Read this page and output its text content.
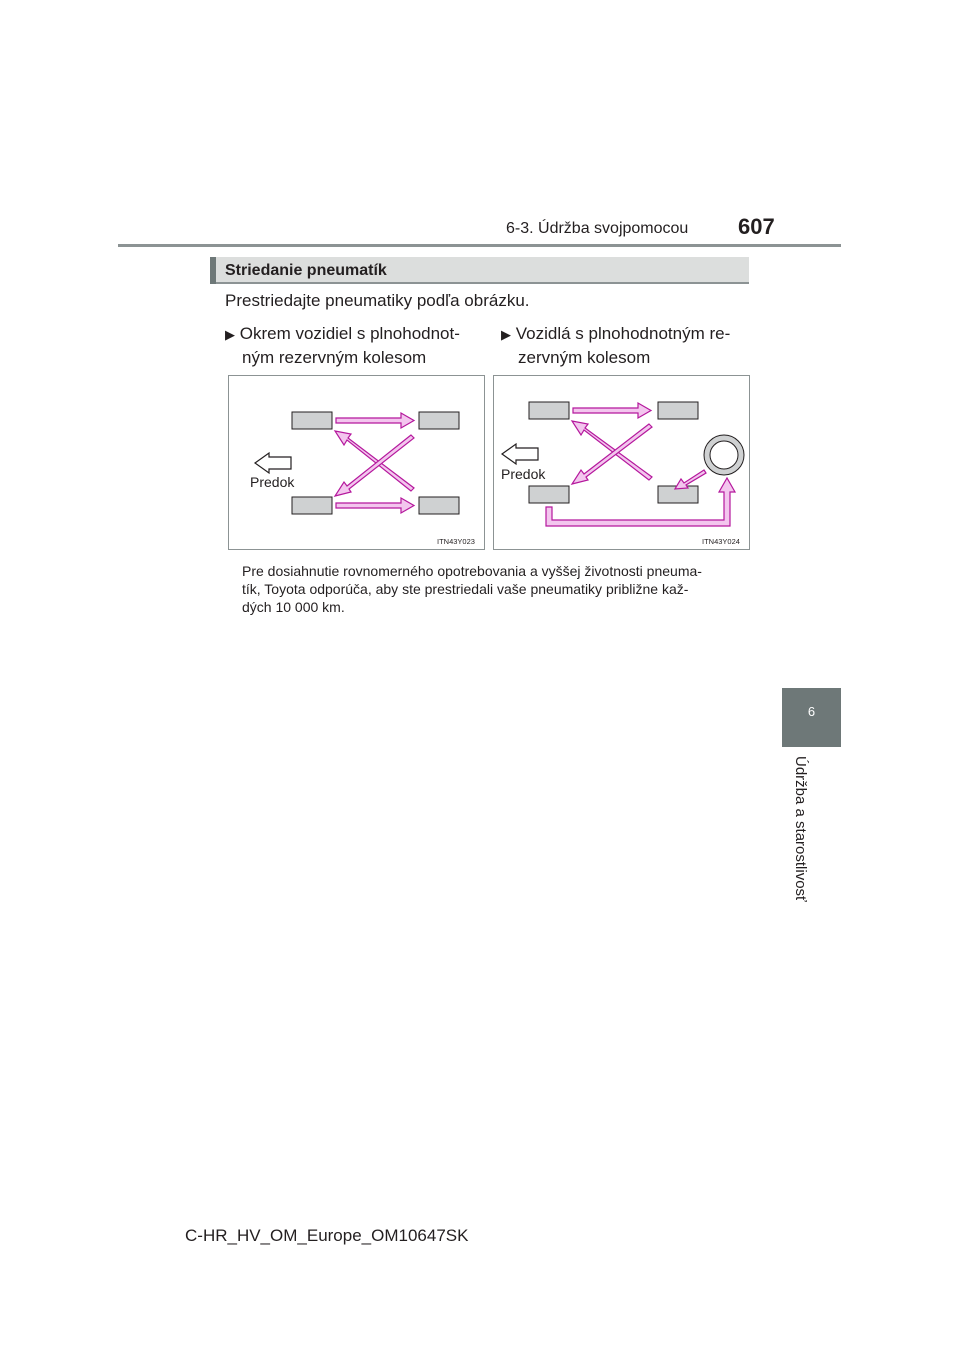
6-3. Údržba svojpomocou 607
6
Údržba a starostlivosť
Striedanie pneumatík
Prestriedajte pneumatiky podľa obrázku.
▶ Okrem vozidiel s plnohodnot-
ným rezervným kolesom
▶ Vozidlá s plnohodnotným re-
zervným kolesom
Predok
ITN43Y023
Predok
ITN43Y024
Pre dosiahnutie rovnomerného opotrebovania a vyššej životnosti pneuma-
tík, Toyota odporúča, aby ste prestriedali vaše pneumatiky približne kaž-
dých 10 000 km.
C-HR_HV_OM_Europe_OM10647SK
